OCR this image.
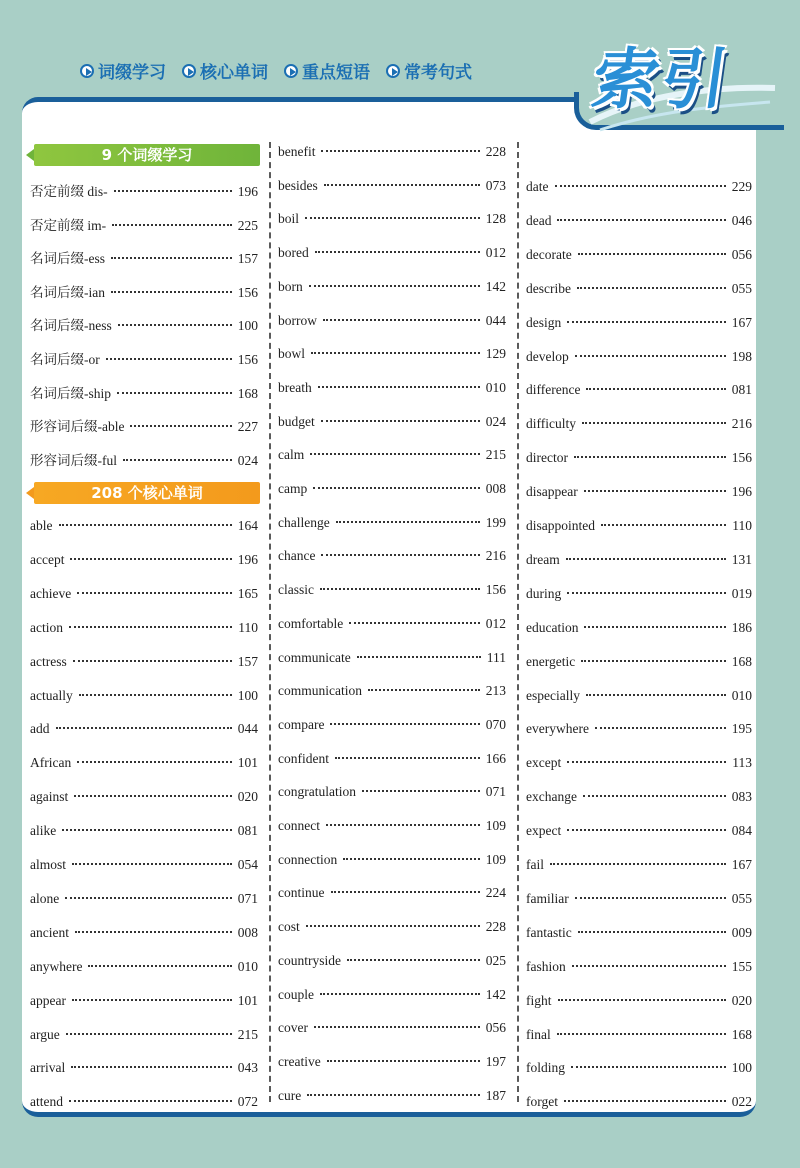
词缀学习 核心单词 重点短语 常考句式
9 个词缀学习
否定前缀 dis-	196
否定前缀 im-	225
名词后缀-ess	157
名词后缀-ian	156
名词后缀-ness	100
名词后缀-or	156
名词后缀-ship	168
形容词后缀-able	227
形容词后缀-ful	024
208 个核心单词
able	164
accept	196
achieve	165
action	110
actress	157
actually	100
add	044
African	101
against	020
alike	081
almost	054
alone	071
ancient	008
anywhere	010
appear	101
argue	215
arrival	043
attend	072
benefit	228
besides	073
boil	128
bored	012
born	142
borrow	044
bowl	129
breath	010
budget	024
calm	215
camp	008
challenge	199
chance	216
classic	156
comfortable	012
communicate	111
communication	213
compare	070
confident	166
congratulation	071
connect	109
connection	109
continue	224
cost	228
countryside	025
couple	142
cover	056
creative	197
cure	187
date	229
dead	046
decorate	056
describe	055
design	167
develop	198
difference	081
difficulty	216
director	156
disappear	196
disappointed	110
dream	131
during	019
education	186
energetic	168
especially	010
everywhere	195
except	113
exchange	083
expect	084
fail	167
familiar	055
fantastic	009
fashion	155
fight	020
final	168
folding	100
forget	022
索引
